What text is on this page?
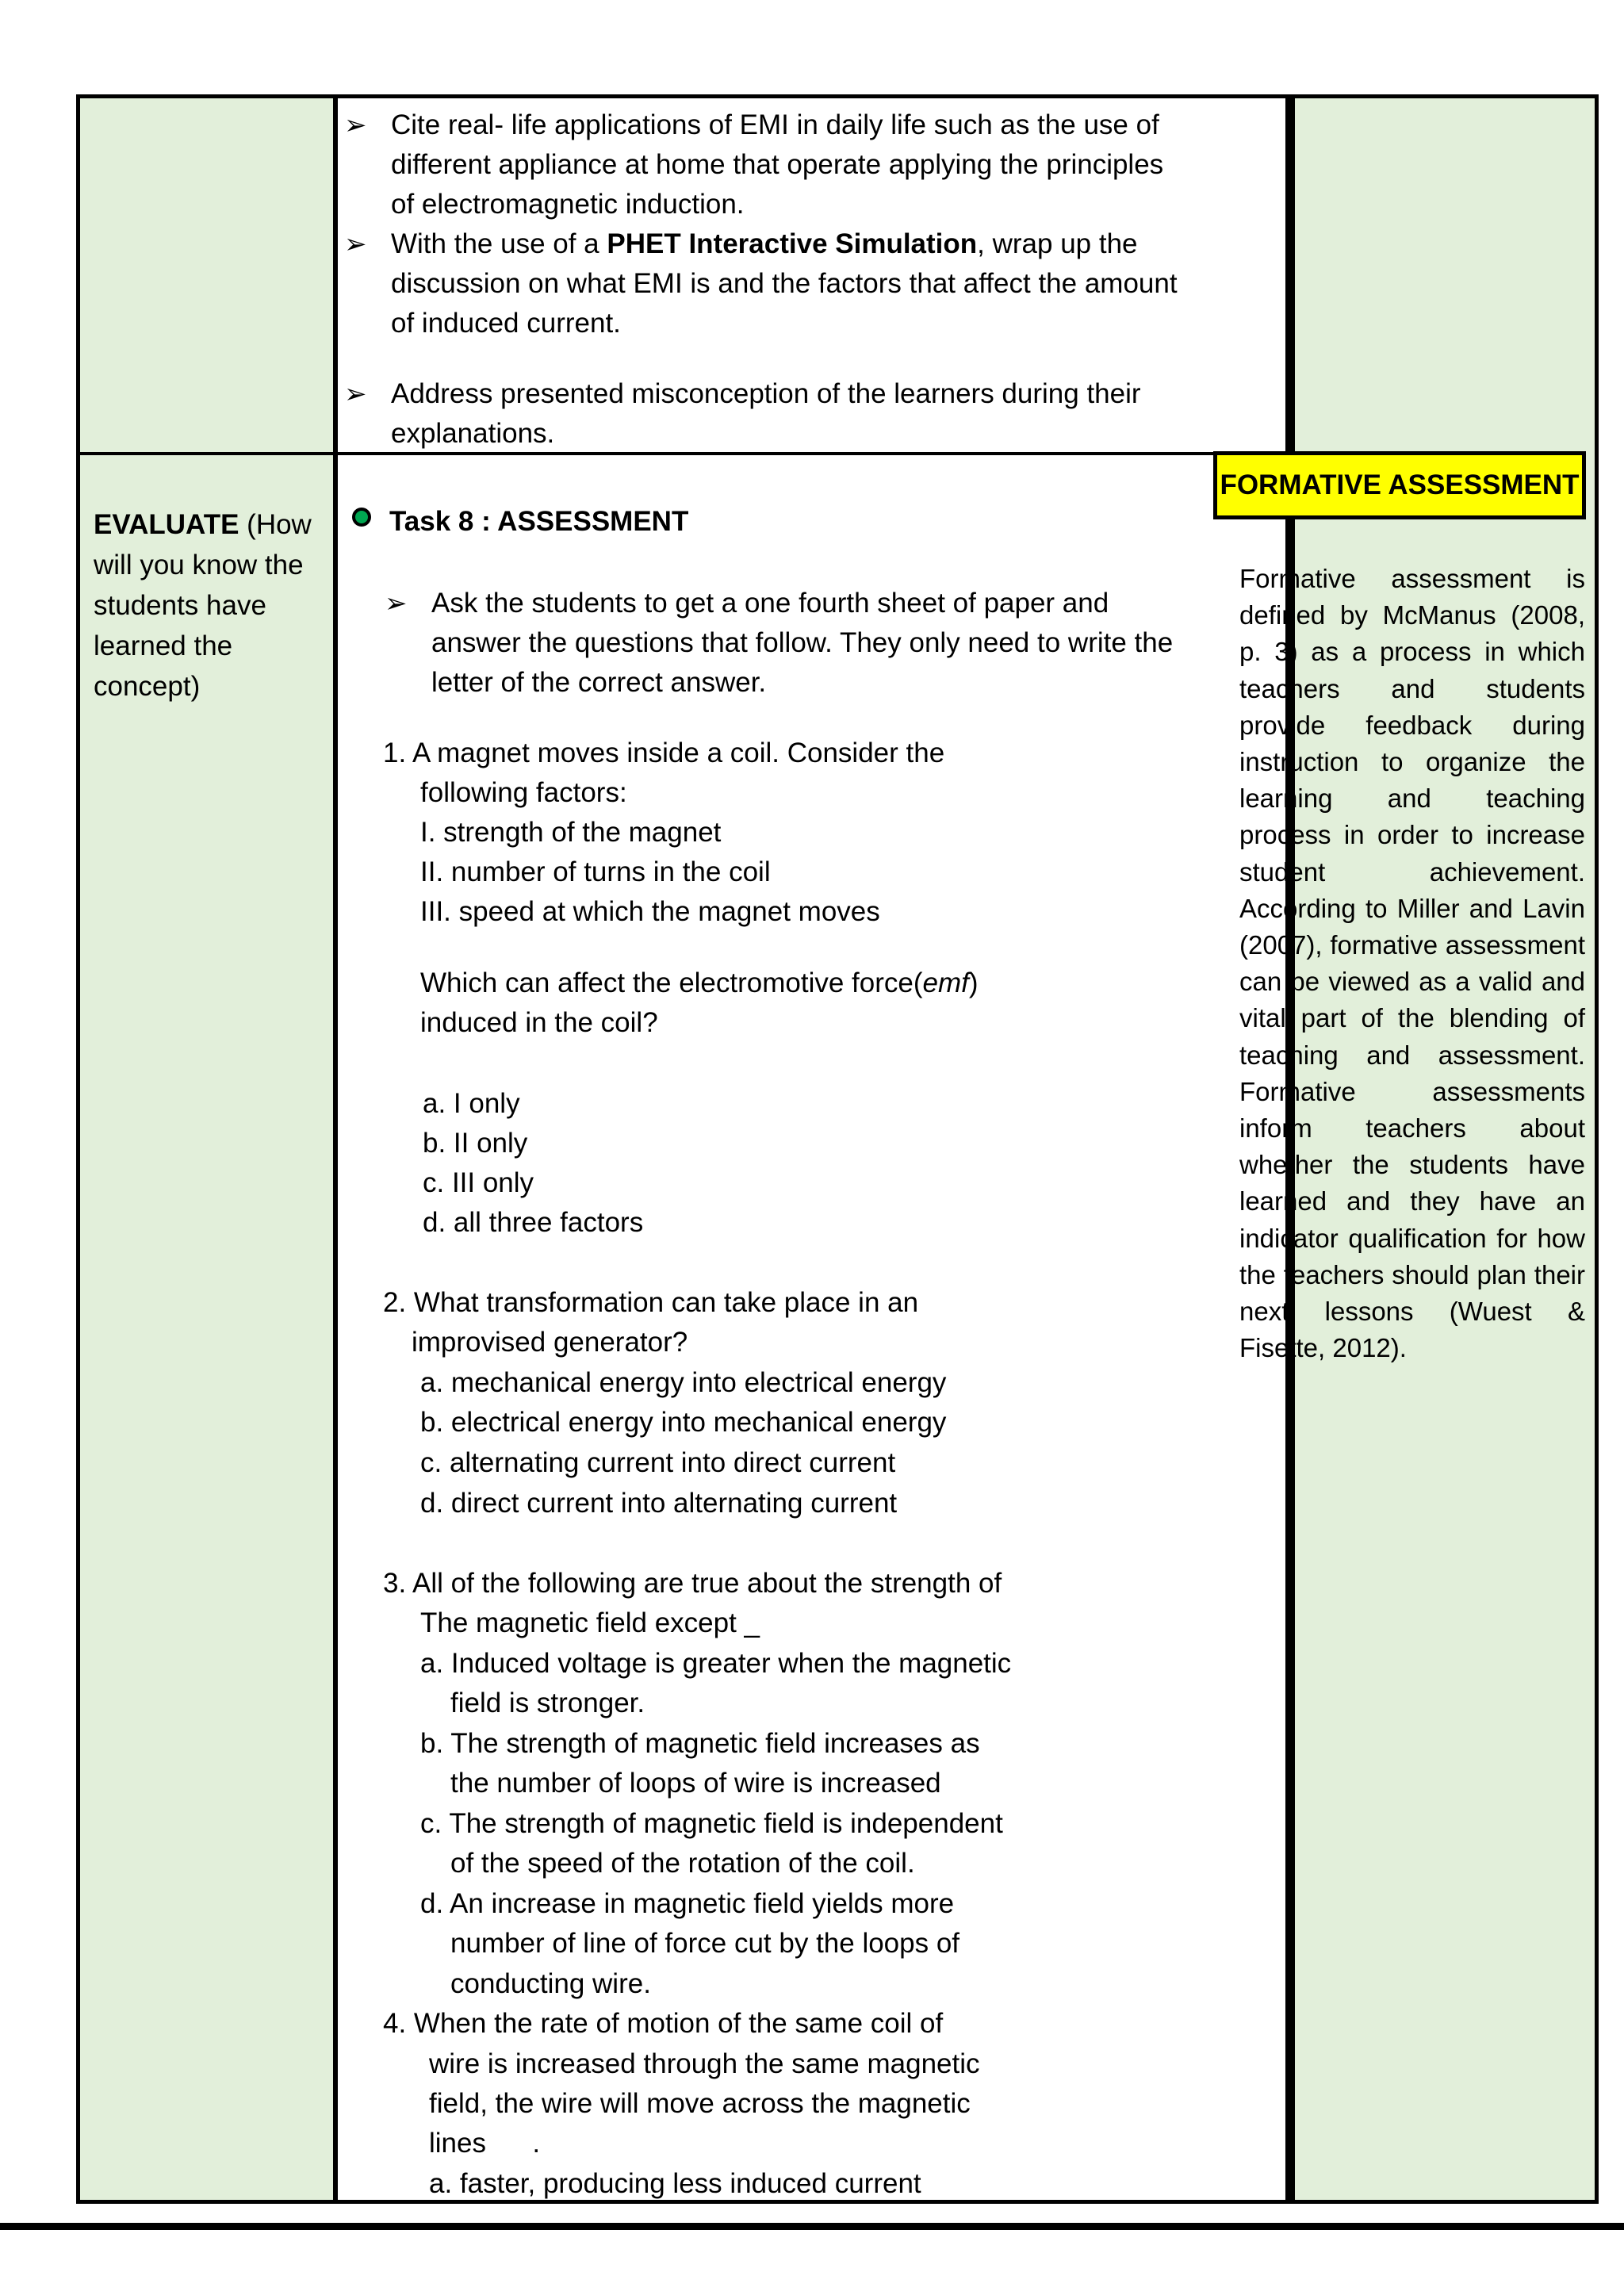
➢ Cite real- life applications of EMI in daily life such as the use of different appliance at home that operate applying the principles of electromagnetic induction.
➢ With the use of a PHET Interactive Simulation, wrap up the discussion on what EMI is and the factors that affect the amount of induced current.
➢ Address presented misconception of the learners during their explanations.
EVALUATE (How will you know the students have learned the concept)
FORMATIVE ASSESSMENT
Formative assessment is defined by McManus (2008, p. 3) as a process in which teachers and students provide feedback during instruction to organize the learning and teaching process in order to increase student achievement. According to Miller and Lavin (2007), formative assessment can be viewed as a valid and vital part of the blending of teaching and assessment. Formative assessments inform teachers about whether the students have learned and they have an indicator qualification for how the teachers should plan their next lessons (Wuest & Fisette, 2012).
Task 8 : ASSESSMENT
➢ Ask the students to get a one fourth sheet of paper and answer the questions that follow. They only need to write the letter of the correct answer.
1. A magnet moves inside a coil. Consider the
following factors:
I. strength of the magnet
II. number of turns in the coil
III. speed at which the magnet moves
Which can affect the electromotive force(emf)
induced in the coil?
a. I only
b. II only
c. III only
d. all three factors
2. What transformation can take place in an
improvised generator?
a. mechanical energy into electrical energy
b. electrical energy into mechanical energy
c. alternating current into direct current
d. direct current into alternating current
3. All of the following are true about the strength of
The magnetic field except _
a. Induced voltage is greater when the magnetic
field is stronger.
b. The strength of magnetic field increases as
the number of loops of wire is increased
c. The strength of magnetic field is independent
of the speed of the rotation of the coil.
d. An increase in magnetic field yields more
number of line of force cut by the loops of
conducting wire.
4. When the rate of motion of the same coil of
wire is increased through the same magnetic
field, the wire will move across the magnetic
lines      .
a. faster, producing less induced current
